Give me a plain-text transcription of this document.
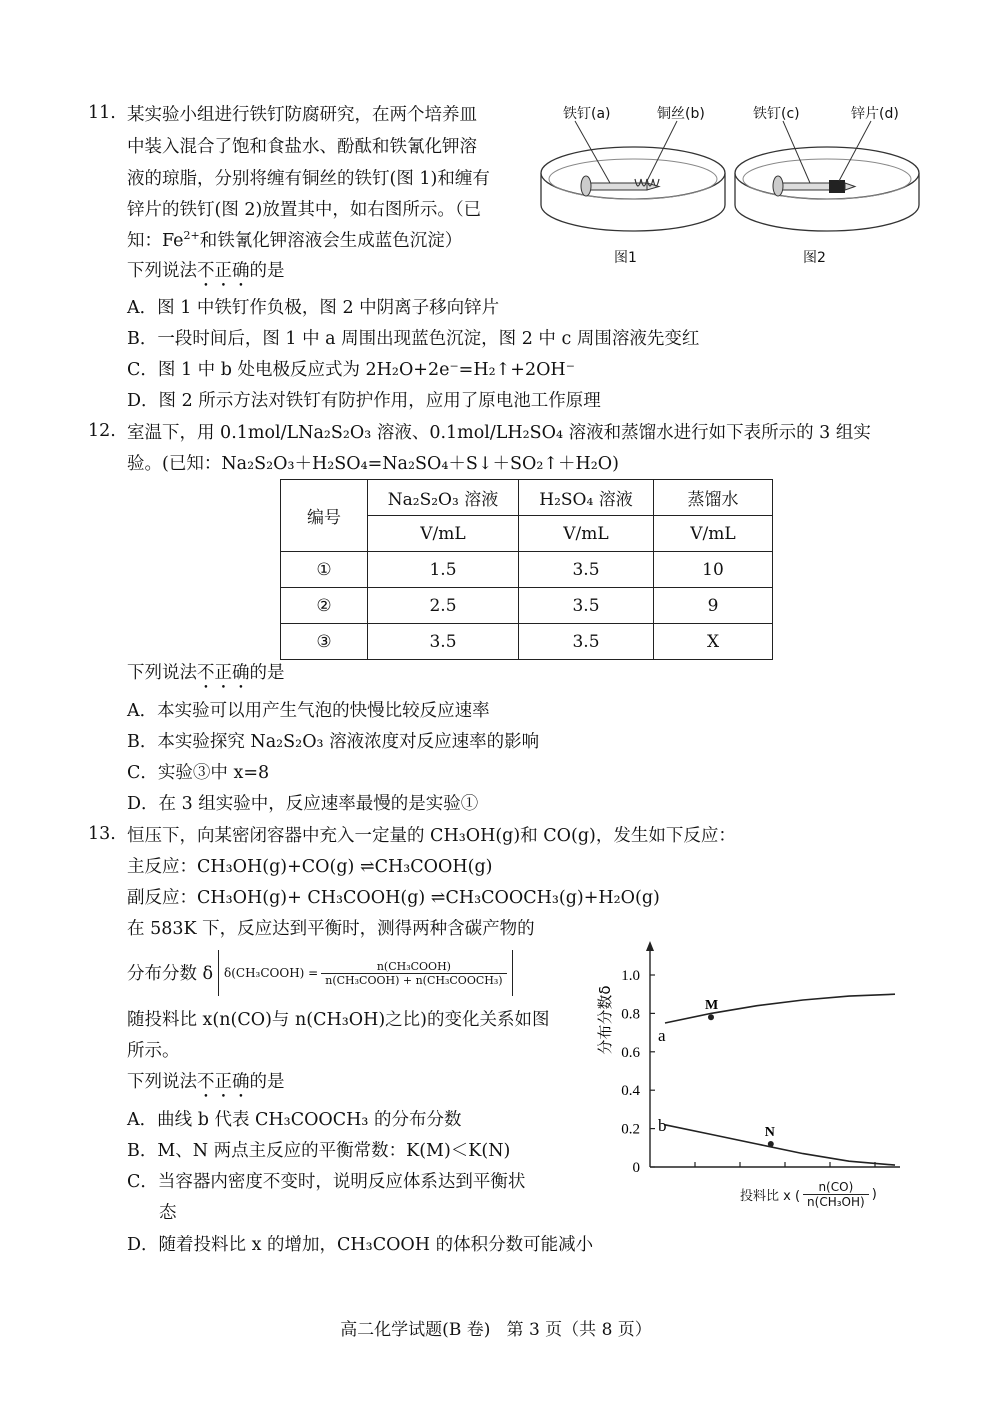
11. 某实验小组进行铁钉防腐研究，在两个培养皿
中装入混合了饱和食盐水、酚酞和铁氰化钾溶
液的琼脂，分别将缠有铜丝的铁钉(图 1)和缠有
锌片的铁钉(图 2)放置其中，如右图所示。（已
知：$Fe^{2+}$和铁氰化钾溶液会生成蓝色沉淀）
下列说法不正确的是
铁钉(a)	铜丝(b)	铁钉(c)	锌片(d)
图1	图2
A．图 1 中铁钉作负极，图 2 中阴离子移向锌片
B．一段时间后，图 1 中 a 周围出现蓝色沉淀，图 2 中 c 周围溶液先变红
C．图 1 中 b 处电极反应式为 2H₂O+2e⁻=H₂↑+2OH⁻
D．图 2 所示方法对铁钉有防护作用，应用了原电池工作原理
12. 室温下，用 0.1mol/LNa₂S₂O₃ 溶液、0.1mol/LH₂SO₄ 溶液和蒸馏水进行如下表所示的 3 组实
验。(已知：Na₂S₂O₃＋H₂SO₄=Na₂SO₄＋S↓＋SO₂↑＋H₂O)
编号	Na₂S₂O₃ 溶液	H₂SO₄ 溶液	蒸馏水
	V/mL	V/mL	V/mL
①	1.5	3.5	10
②	2.5	3.5	9
③	3.5	3.5	X
下列说法不正确的是
A．本实验可以用产生气泡的快慢比较反应速率
B．本实验探究 Na₂S₂O₃ 溶液浓度对反应速率的影响
C．实验③中 x=8
D．在 3 组实验中，反应速率最慢的是实验①
13. 恒压下，向某密闭容器中充入一定量的 CH₃OH(g)和 CO(g)，发生如下反应：
主反应：CH₃OH(g)+CO(g) ⇌CH₃COOH(g)
副反应：CH₃OH(g)+ CH₃COOH(g) ⇌CH₃COOCH₃(g)+H₂O(g)
在 583K 下，反应达到平衡时，测得两种含碳产物的
分布分数 δ δ(CH₃COOH) = $\frac{\text{n(CH₃COOH)}}{\text{n(CH₃COOH) + n(CH₃COOCH₃)}}$
随投料比 x(n(CO)与 n(CH₃OH)之比)的变化关系如图
所示。
下列说法不正确的是
A．曲线 b 代表 CH₃COOCH₃ 的分布分数
B．M、N 两点主反应的平衡常数：K(M)＜K(N)
C．当容器内密度不变时，说明反应体系达到平衡状
态
D．随着投料比 x 的增加，CH₃COOH 的体积分数可能减小
0
0.2
0.4
0.6
0.8
1.0
a
b
M
N
分布分数δ
投料比 x ( $\frac{n(CO)}{\text{n(CH₃OH)}}$ )
高二化学试题(B 卷)   第 3 页（共 8 页）
